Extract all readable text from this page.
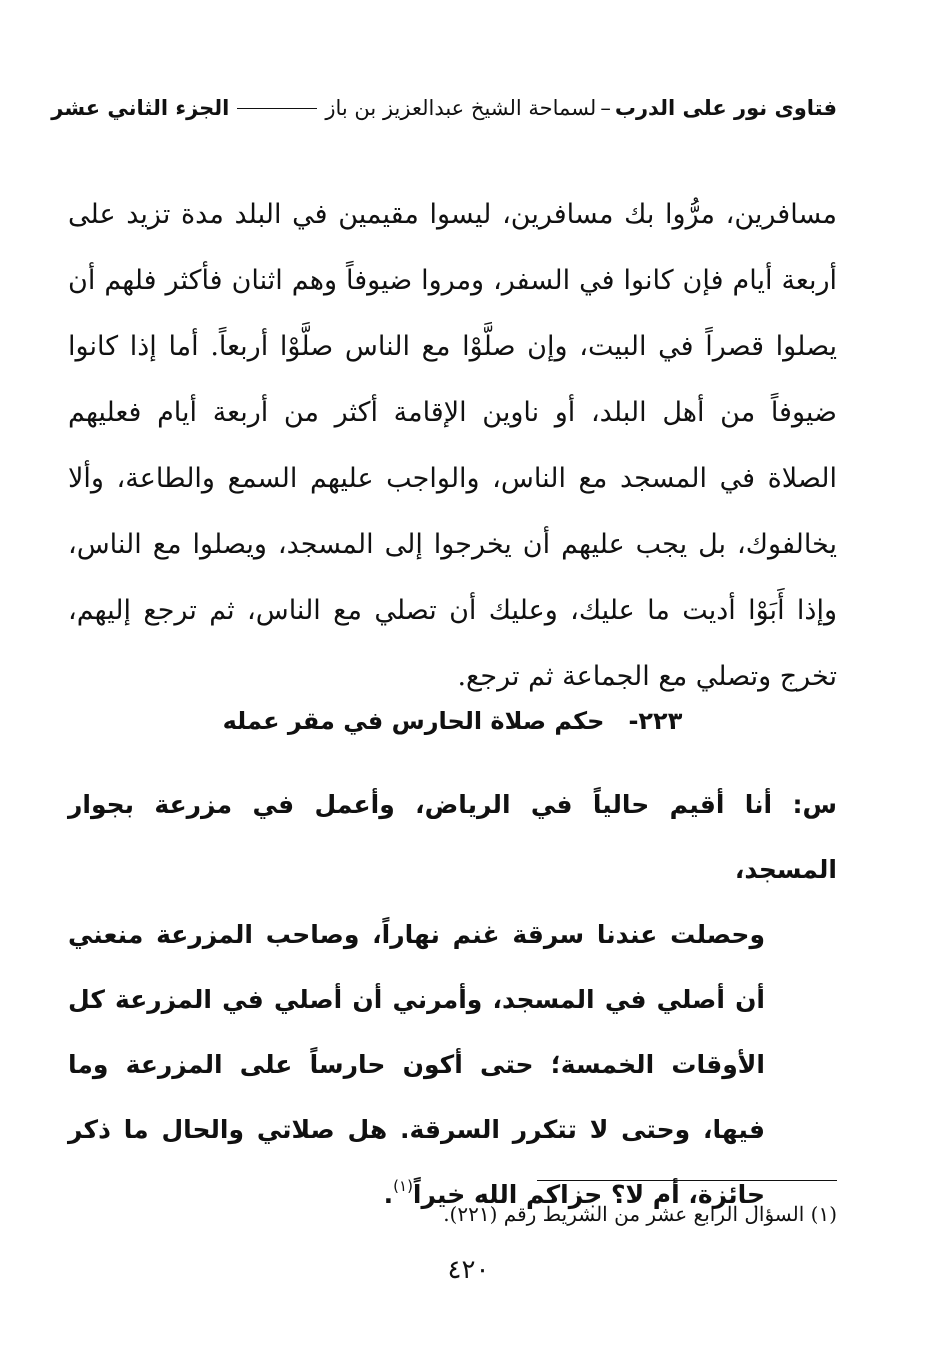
فتاوى نور على الدرب
–
لسماحة الشيخ عبدالعزيز بن باز
الجزء الثاني عشر

مسافرين، مرُّوا بك مسافرين، ليسوا مقيمين في البلد مدة تزيد على أربعة أيام فإن كانوا في السفر، ومروا ضيوفاً وهم اثنان فأكثر فلهم أن يصلوا قصراً في البيت، وإن صلَّوْا مع الناس صلَّوْا أربعاً. أما إذا كانوا ضيوفاً من أهل البلد، أو ناوين الإقامة أكثر من أربعة أيام فعليهم الصلاة في المسجد مع الناس، والواجب عليهم السمع والطاعة، وألا يخالفوك، بل يجب عليهم أن يخرجوا إلى المسجد، ويصلوا مع الناس، وإذا أَبَوْا أديت ما عليك، وعليك أن تصلي مع الناس، ثم ترجع إليهم، تخرج وتصلي مع الجماعة ثم ترجع.

٢٢٣-حكم صلاة الحارس في مقر عمله

س: أنا أقيم حالياً في الرياض، وأعمل في مزرعة بجوار المسجد،

وحصلت عندنا سرقة غنم نهاراً، وصاحب المزرعة منعني أن أصلي في المسجد، وأمرني أن أصلي في المزرعة كل الأوقات الخمسة؛ حتى أكون حارساً على المزرعة وما فيها، وحتى لا تتكرر السرقة. هل صلاتي والحال ما ذكر جائزة، أم لا؟ جزاكم الله خيراً$^{(١)}$.

(١) السؤال الرابع عشر من الشريط رقم (٢٢١).
٤٢٠
